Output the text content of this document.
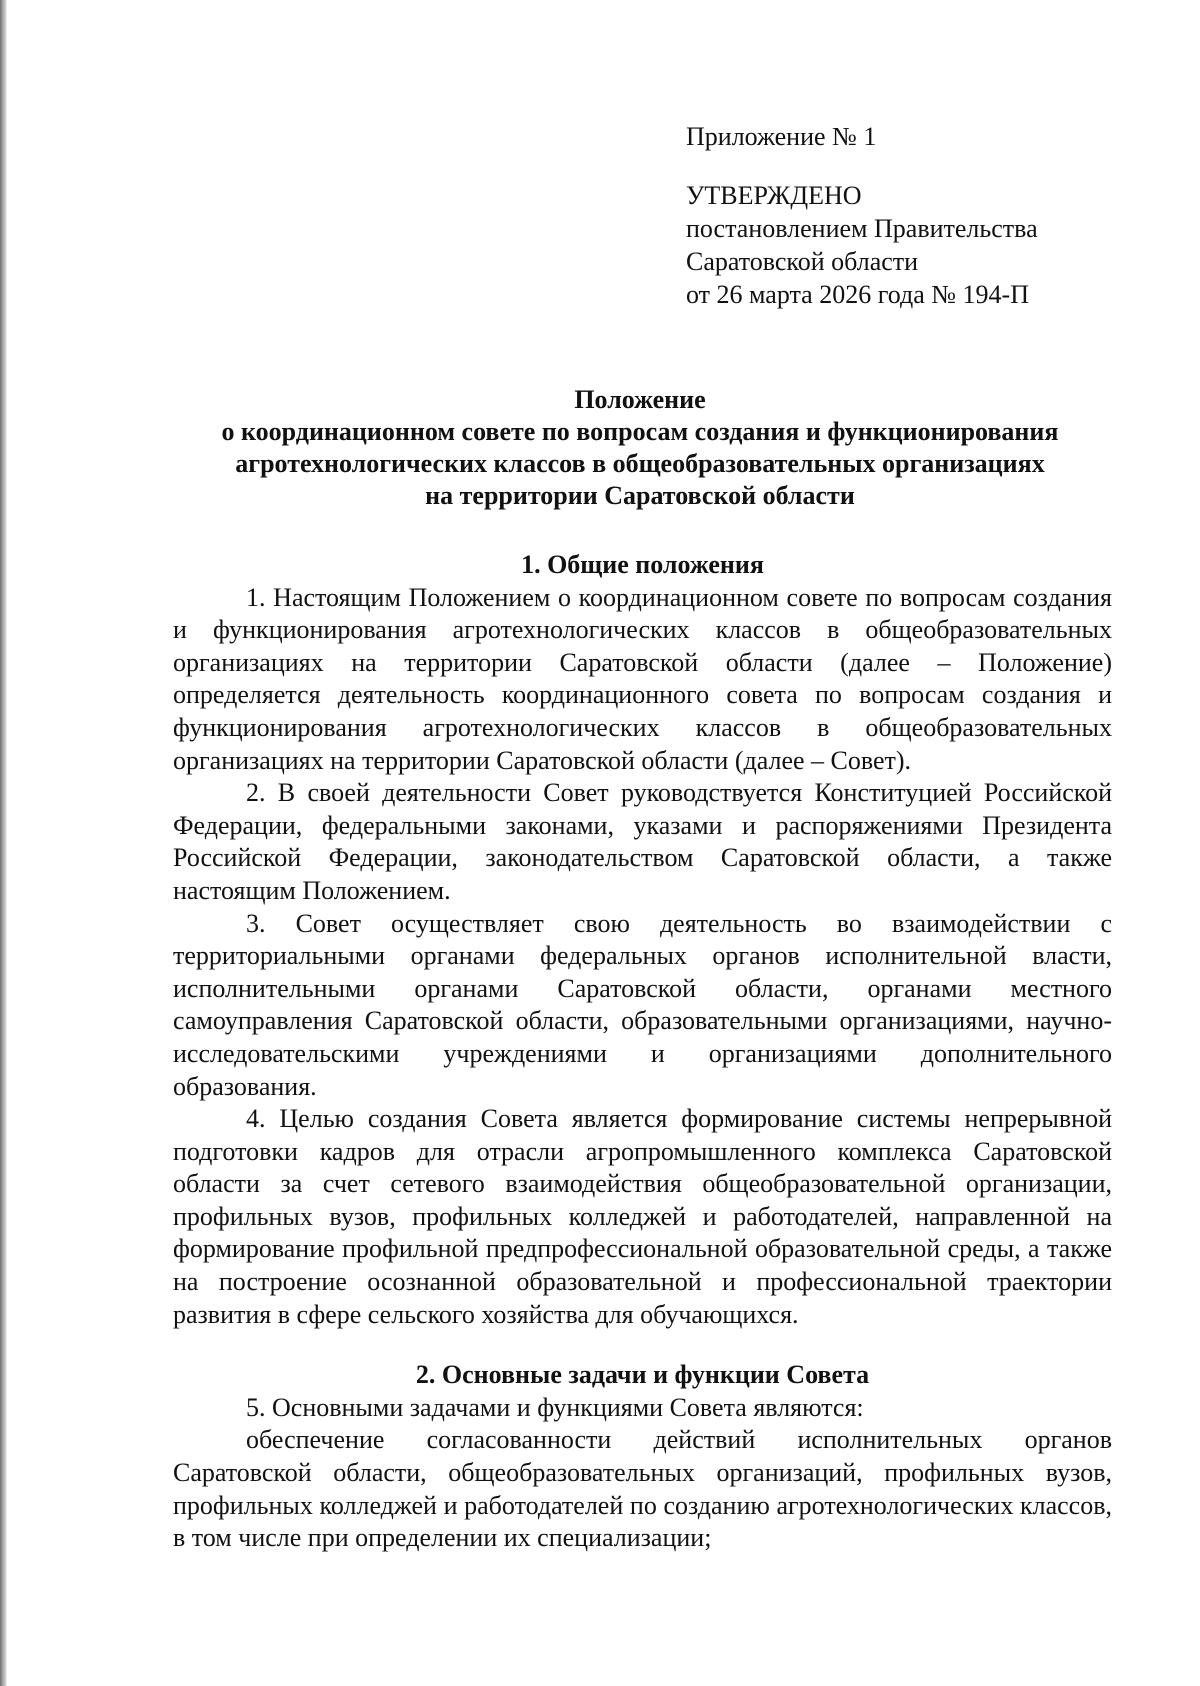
Приложение № 1
УТВЕРЖДЕНО
постановлением Правительства
Саратовской области
от 26 марта 2026 года № 194-П
Положение
о координационном совете по вопросам создания и функционирования
агротехнологических классов в общеобразовательных организациях
на территории Саратовской области

1. Общие положения

1. Настоящим Положением о координационном совете по вопросам создания и функционирования агротехнологических классов в общеобразовательных организациях на территории Саратовской области (далее – Положение) определяется деятельность координационного совета по вопросам создания и функционирования агротехнологических классов в общеобразовательных организациях на территории Саратовской области (далее – Совет).

2. В своей деятельности Совет руководствуется Конституцией Российской Федерации, федеральными законами, указами и распоряжениями Президента Российской Федерации, законодательством Саратовской области, а также настоящим Положением.

3. Совет осуществляет свою деятельность во взаимодействии с территориальными органами федеральных органов исполнительной власти, исполнительными органами Саратовской области, органами местного самоуправления Саратовской области, образовательными организациями, научно-исследовательскими учреждениями и организациями дополнительного образования.

4. Целью создания Совета является формирование системы непрерывной подготовки кадров для отрасли агропромышленного комплекса Саратовской области за счет сетевого взаимодействия общеобразовательной организации, профильных вузов, профильных колледжей и работодателей, направленной на формирование профильной предпрофессиональной образовательной среды, а также на построение осознанной образовательной и профессиональной траектории развития в сфере сельского хозяйства для обучающихся.

2. Основные задачи и функции Совета

5. Основными задачами и функциями Совета являются:

обеспечение согласованности действий исполнительных органов Саратовской области, общеобразовательных организаций, профильных вузов, профильных колледжей и работодателей по созданию агротехнологических классов, в том числе при определении их специализации;
